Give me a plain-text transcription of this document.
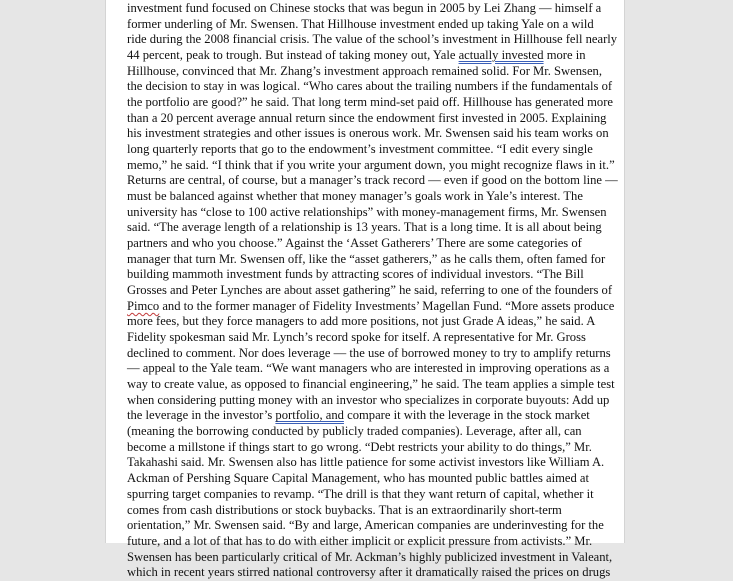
investment fund focused on Chinese stocks that was begun in 2005 by Lei Zhang — himself a
former underling of Mr. Swensen. That Hillhouse investment ended up taking Yale on a wild
ride during the 2008 financial crisis. The value of the school’s investment in Hillhouse fell nearly
44 percent, peak to trough. But instead of taking money out, Yale actually invested more in
Hillhouse, convinced that Mr. Zhang’s investment approach remained solid. For Mr. Swensen,
the decision to stay in was logical. “Who cares about the trailing numbers if the fundamentals of
the portfolio are good?” he said. That long term mind-set paid off. Hillhouse has generated more
than a 20 percent average annual return since the endowment first invested in 2005. Explaining
his investment strategies and other issues is onerous work. Mr. Swensen said his team works on
long quarterly reports that go to the endowment’s investment committee. “I edit every single
memo,” he said. “I think that if you write your argument down, you might recognize flaws in it.”
Returns are central, of course, but a manager’s track record — even if good on the bottom line —
must be balanced against whether that money manager’s goals work in Yale’s interest. The
university has “close to 100 active relationships” with money-management firms, Mr. Swensen
said. “The average length of a relationship is 13 years. That is a long time. It is all about being
partners and who you choose.” Against the ‘Asset Gatherers’ There are some categories of
manager that turn Mr. Swensen off, like the “asset gatherers,” as he calls them, often famed for
building mammoth investment funds by attracting scores of individual investors. “The Bill
Grosses and Peter Lynches are about asset gathering” he said, referring to one of the founders of
Pimco and to the former manager of Fidelity Investments’ Magellan Fund. “More assets produce
more fees, but they force managers to add more positions, not just Grade A ideas,” he said. A
Fidelity spokesman said Mr. Lynch’s record spoke for itself. A representative for Mr. Gross
declined to comment. Nor does leverage — the use of borrowed money to try to amplify returns
— appeal to the Yale team. “We want managers who are interested in improving operations as a
way to create value, as opposed to financial engineering,” he said. The team applies a simple test
when considering putting money with an investor who specializes in corporate buyouts: Add up
the leverage in the investor’s portfolio, and compare it with the leverage in the stock market
(meaning the borrowing conducted by publicly traded companies). Leverage, after all, can
become a millstone if things start to go wrong. “Debt restricts your ability to do things,” Mr.
Takahashi said. Mr. Swensen also has little patience for some activist investors like William A.
Ackman of Pershing Square Capital Management, who has mounted public battles aimed at
spurring target companies to revamp. “The drill is that they want return of capital, whether it
comes from cash distributions or stock buybacks. That is an extraordinarily short-term
orientation,” Mr. Swensen said. “By and large, American companies are underinvesting for the
future, and a lot of that has to do with either implicit or explicit pressure from activists.” Mr.
Swensen has been particularly critical of Mr. Ackman’s highly publicized investment in Valeant,
which in recent years stirred national controversy after it dramatically raised the prices on drugs
